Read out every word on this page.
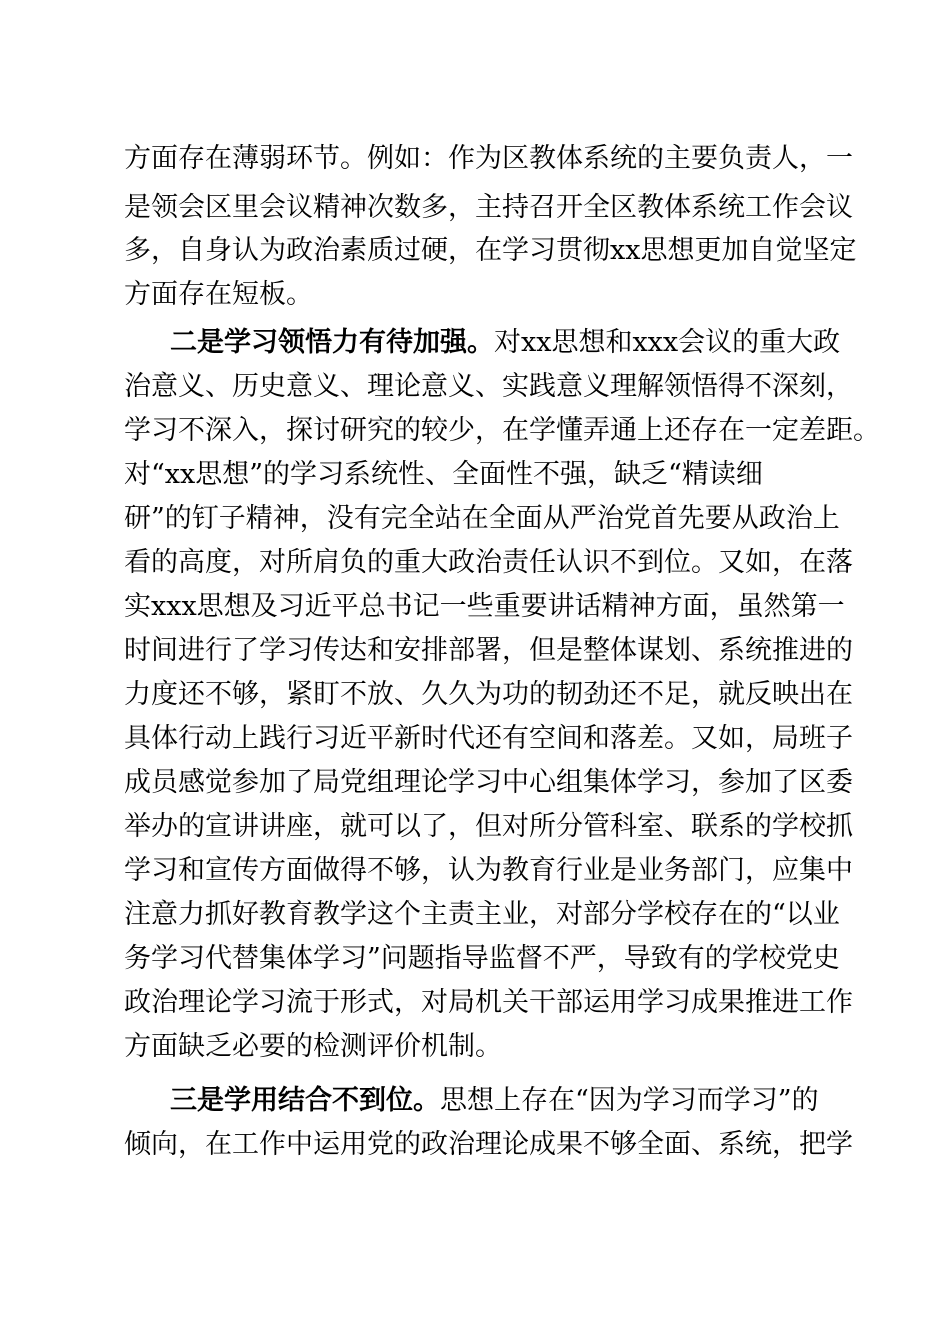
方面存在薄弱环节。例如：作为区教体系统的主要负责人，一
是领会区里会议精神次数多，主持召开全区教体系统工作会议
多，自身认为政治素质过硬，在学习贯彻xx思想更加自觉坚定
方面存在短板。
二是学习领悟力有待加强。对xx思想和xxx会议的重大政
治意义、历史意义、理论意义、实践意义理解领悟得不深刻，
学习不深入，探讨研究的较少，在学懂弄通上还存在一定差距。
对“xx思想”的学习系统性、全面性不强，缺乏“精读细
研”的钉子精神，没有完全站在全面从严治党首先要从政治上
看的高度，对所肩负的重大政治责任认识不到位。又如，在落
实xxx思想及习近平总书记一些重要讲话精神方面，虽然第一
时间进行了学习传达和安排部署，但是整体谋划、系统推进的
力度还不够，紧盯不放、久久为功的韧劲还不足，就反映出在
具体行动上践行习近平新时代还有空间和落差。又如，局班子
成员感觉参加了局党组理论学习中心组集体学习，参加了区委
举办的宣讲讲座，就可以了，但对所分管科室、联系的学校抓
学习和宣传方面做得不够，认为教育行业是业务部门，应集中
注意力抓好教育教学这个主责主业，对部分学校存在的“以业
务学习代替集体学习”问题指导监督不严，导致有的学校党史
政治理论学习流于形式，对局机关干部运用学习成果推进工作
方面缺乏必要的检测评价机制。
三是学用结合不到位。思想上存在“因为学习而学习”的
倾向，在工作中运用党的政治理论成果不够全面、系统，把学
